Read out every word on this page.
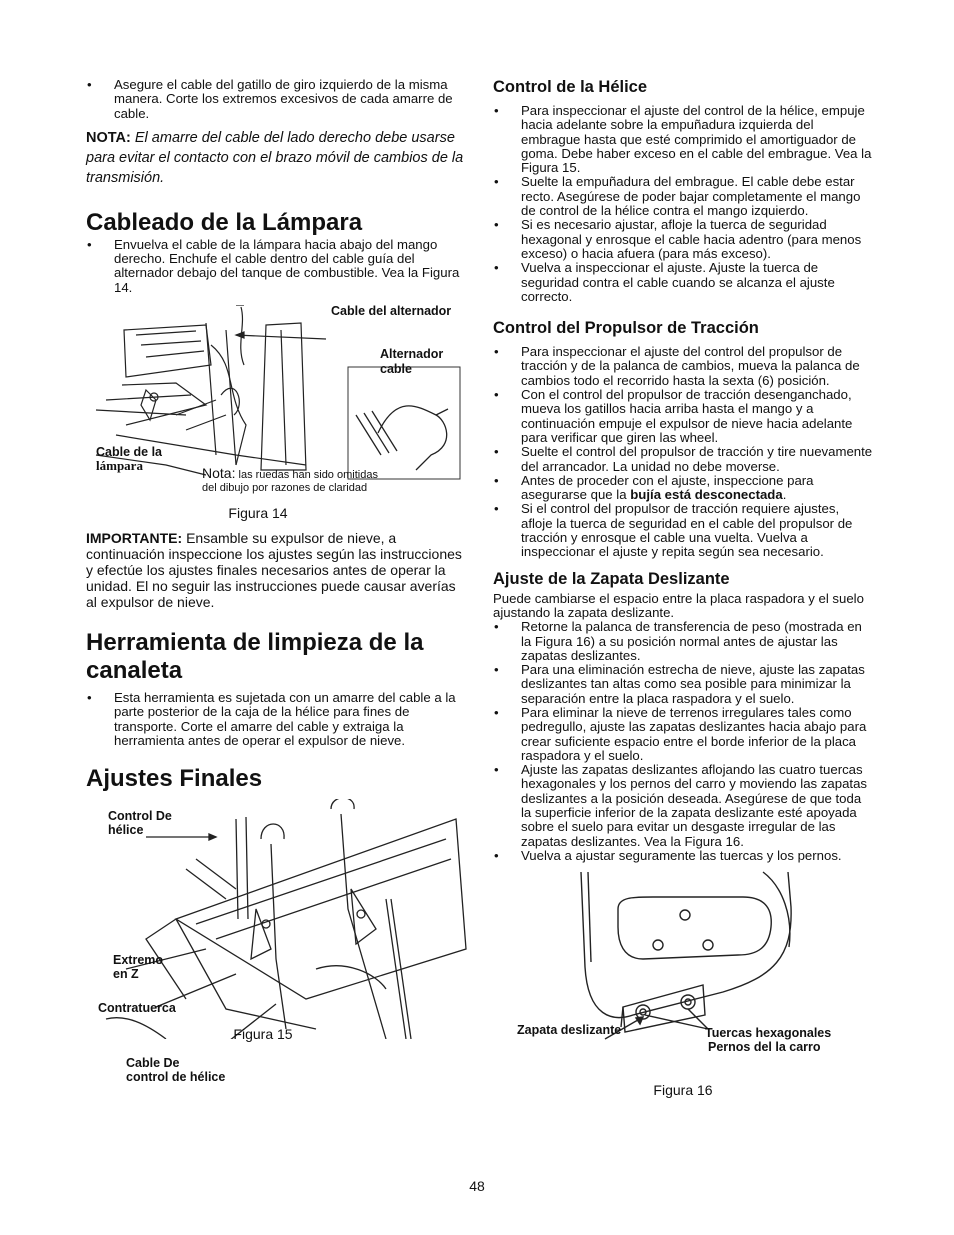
• Asegure el cable del gatillo de giro izquierdo de la misma manera. Corte los extremos excesivos de cada amarre de cable.
NOTA: El amarre del cable del lado derecho debe usarse para evitar el contacto con el brazo móvil de cambios de la transmisión.
Cableado de la Lámpara
• Envuelva el cable de la lámpara hacia abajo del mango derecho. Enchufe el cable dentro del cable guía del alternador debajo del tanque de combustible. Vea la Figura 14.
Cable del alternador
Alternador
cable
Cable de la
lámpara	Nota: las ruedas han sido omitidas
del dibujo por razones de claridad
Figura 14

IMPORTANTE: Ensamble su expulsor de nieve, a continuación inspeccione los ajustes según las instrucciones y efectúe los ajustes finales necesarios antes de operar la unidad. El no seguir las instrucciones puede causar averías al expulsor de nieve.

Herramienta de limpieza de la
canaleta
• Esta herramienta es sujetada con un amarre del cable a la parte posterior de la caja de la hélice para fines de transporte. Corte el amarre del cable y extraiga la herramienta antes de operar el expulsor de nieve.
Ajustes Finales
Control De
hélice
Extremo
en Z
Contratuerca
Cable De
control de hélice
Figura 15
Control de la Hélice
• Para inspeccionar el ajuste del control de la hélice, empuje hacia adelante sobre la empuñadura izquierda del embrague hasta que esté comprimido el amortiguador de goma. Debe haber exceso en el cable del embrague. Vea la Figura 15.
• Suelte la empuñadura del embrague. El cable debe estar recto. Asegúrese de poder bajar completamente el mango de control de la hélice contra el mango izquierdo.
• Si es necesario ajustar, afloje la tuerca de seguridad hexagonal y enrosque el cable hacia adentro (para menos exceso) o hacia afuera (para más exceso).
• Vuelva a inspeccionar el ajuste. Ajuste la tuerca de seguridad contra el cable cuando se alcanza el ajuste correcto.
Control del Propulsor de Tracción
• Para inspeccionar el ajuste del control del propulsor de tracción y de la palanca de cambios, mueva la palanca de cambios todo el recorrido hasta la sexta (6) posición.
• Con el control del propulsor de tracción desenganchado, mueva los gatillos hacia arriba hasta el mango y a continuación empuje el expulsor de nieve hacia adelante para verificar que giren las wheel.
• Suelte el control del propulsor de tracción y tire nuevamente del arrancador. La unidad no debe moverse.
• Antes de proceder con el ajuste, inspeccione para asegurarse que la bujía está desconectada.
• Si el control del propulsor de tracción requiere ajustes, afloje la tuerca de seguridad en el cable del propulsor de tracción y enrosque el cable una vuelta. Vuelva a inspeccionar el ajuste y repita según sea necesario.
Ajuste de la Zapata Deslizante

Puede cambiarse el espacio entre la placa raspadora y el suelo ajustando la zapata deslizante.

• Retorne la palanca de transferencia de peso (mostrada en la Figura 16) a su posición normal antes de ajustar las zapatas deslizantes.
• Para una eliminación estrecha de nieve, ajuste las zapatas deslizantes tan altas como sea posible para minimizar la separación entre la placa raspadora y el suelo.
• Para eliminar la nieve de terrenos irregulares tales como pedregullo, ajuste las zapatas deslizantes hacia abajo para crear suficiente espacio entre el borde inferior de la placa raspadora y el suelo.
• Ajuste las zapatas deslizantes aflojando las cuatro tuercas hexagonales y los pernos del carro y moviendo las zapatas deslizantes a la posición deseada. Asegúrese de que toda la superficie inferior de la zapata deslizante esté apoyada sobre el suelo para evitar un desgaste irregular de las zapatas deslizantes. Vea la Figura 16.
• Vuelva a ajustar seguramente las tuercas y los pernos.
Zapata deslizante	Tuercas hexagonales
Pernos del la carro
Figura 16
48
